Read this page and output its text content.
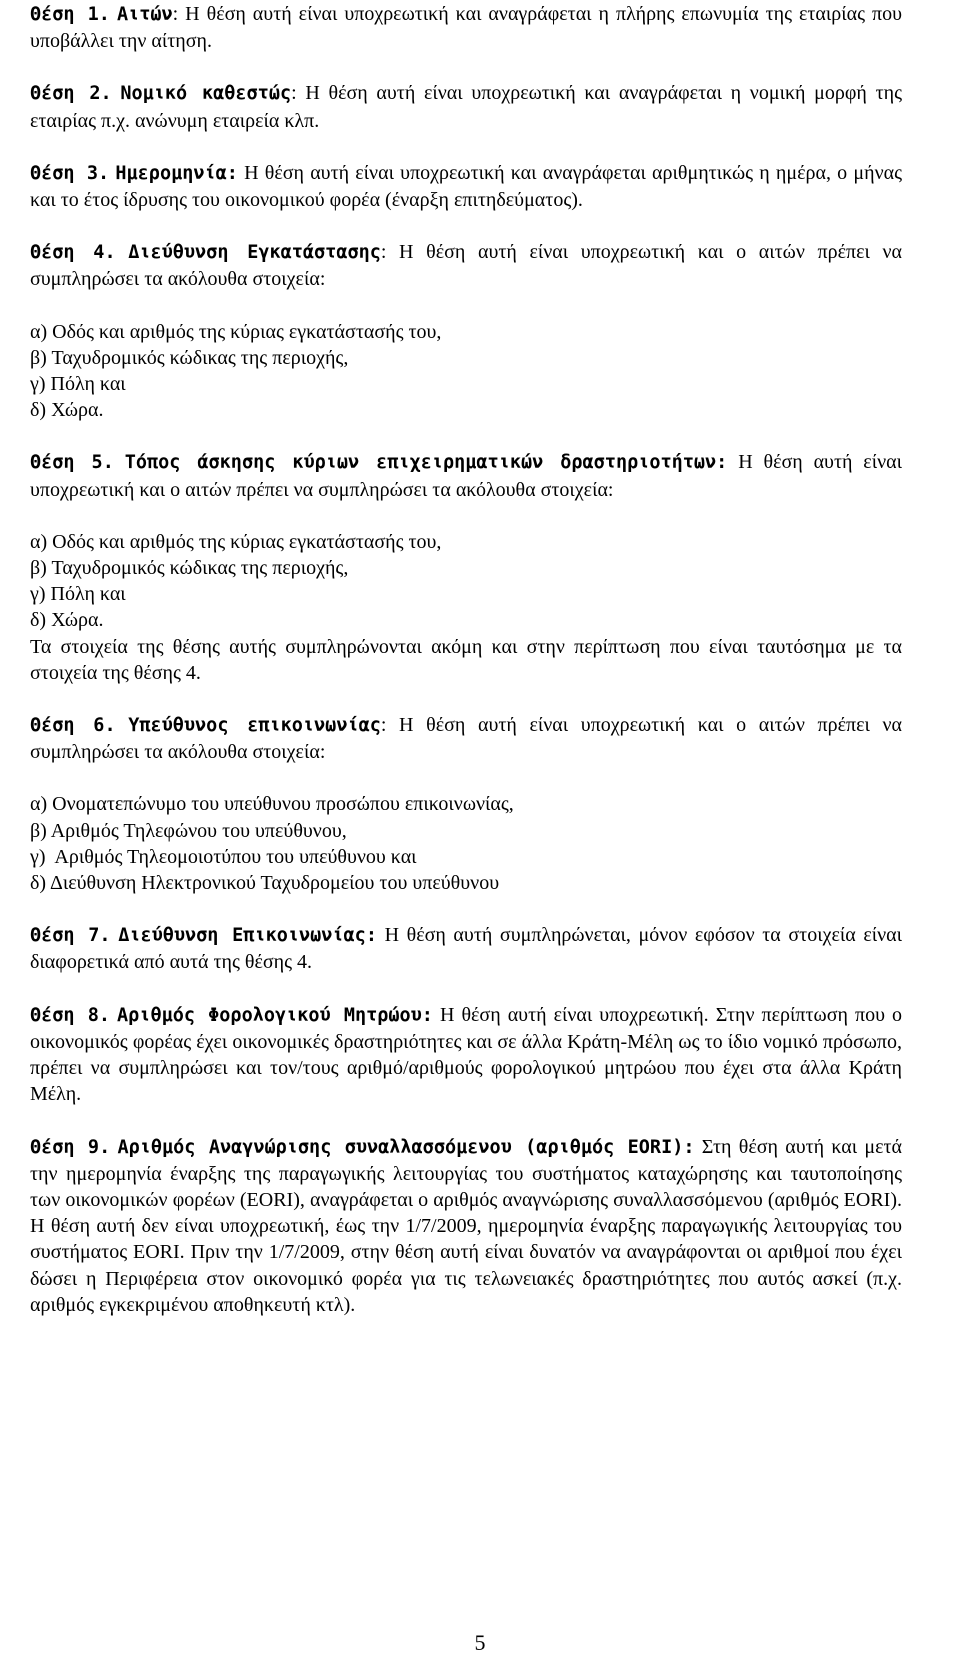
Θέση 1. Αιτών: Η θέση αυτή είναι υποχρεωτική και αναγράφεται η πλήρης επωνυμία της εταιρίας που υποβάλλει την αίτηση.

Θέση 2. Νομικό καθεστώς: Η θέση αυτή είναι υποχρεωτική και αναγράφεται η νομική μορφή της εταιρίας π.χ. ανώνυμη εταιρεία κλπ.

Θέση 3. Ημερομηνία: Η θέση αυτή είναι υποχρεωτική και αναγράφεται αριθμητικώς η ημέρα, ο μήνας και το έτος ίδρυσης του οικονομικού φορέα (έναρξη επιτηδεύματος).

Θέση 4. Διεύθυνση Εγκατάστασης: Η θέση αυτή είναι υποχρεωτική και ο αιτών πρέπει να συμπληρώσει τα ακόλουθα στοιχεία:

α) Οδός και αριθμός της κύριας εγκατάστασής του,
β) Ταχυδρομικός κώδικας της περιοχής,
γ) Πόλη και
δ) Χώρα.

Θέση 5. Τόπος άσκησης κύριων επιχειρηματικών δραστηριοτήτων: Η θέση αυτή είναι υποχρεωτική και ο αιτών πρέπει να συμπληρώσει τα ακόλουθα στοιχεία:

α) Οδός και αριθμός της κύριας εγκατάστασής του,
β) Ταχυδρομικός κώδικας της περιοχής,
γ) Πόλη και
δ) Χώρα.

Τα στοιχεία της θέσης αυτής συμπληρώνονται ακόμη και στην περίπτωση που είναι ταυτόσημα με τα στοιχεία της θέσης 4.

Θέση 6. Υπεύθυνος επικοινωνίας: Η θέση αυτή είναι υποχρεωτική και ο αιτών πρέπει να συμπληρώσει τα ακόλουθα στοιχεία:

α) Ονοματεπώνυμο του υπεύθυνου προσώπου επικοινωνίας,
β) Αριθμός Τηλεφώνου του υπεύθυνου,
γ)  Αριθμός Τηλεομοιοτύπου του υπεύθυνου και
δ) Διεύθυνση Ηλεκτρονικού Ταχυδρομείου του υπεύθυνου

Θέση 7. Διεύθυνση Επικοινωνίας: Η θέση αυτή συμπληρώνεται, μόνον εφόσον τα στοιχεία είναι διαφορετικά από αυτά της θέσης 4.

Θέση 8. Αριθμός Φορολογικού Μητρώου: Η θέση αυτή είναι υποχρεωτική. Στην περίπτωση που ο οικονομικός φορέας έχει οικονομικές δραστηριότητες και σε άλλα Κράτη-Μέλη ως το ίδιο νομικό πρόσωπο, πρέπει να συμπληρώσει και τον/τους αριθμό/αριθμούς φορολογικού μητρώου που έχει στα άλλα Κράτη Μέλη.

Θέση 9. Αριθμός Αναγνώρισης συναλλασσόμενου (αριθμός EORI): Στη θέση αυτή και μετά την ημερομηνία έναρξης της παραγωγικής λειτουργίας του συστήματος καταχώρησης και ταυτοποίησης των οικονομικών φορέων (EORI), αναγράφεται ο αριθμός αναγνώρισης συναλλασσόμενου (αριθμός EORI). Η θέση αυτή δεν είναι υποχρεωτική, έως την 1/7/2009, ημερομηνία έναρξης παραγωγικής λειτουργίας του συστήματος EORI. Πριν την 1/7/2009, στην θέση αυτή είναι δυνατόν να αναγράφονται οι αριθμοί που έχει δώσει η Περιφέρεια στον οικονομικό φορέα για τις τελωνειακές δραστηριότητες που αυτός ασκεί (π.χ. αριθμός εγκεκριμένου αποθηκευτή κτλ).

5
